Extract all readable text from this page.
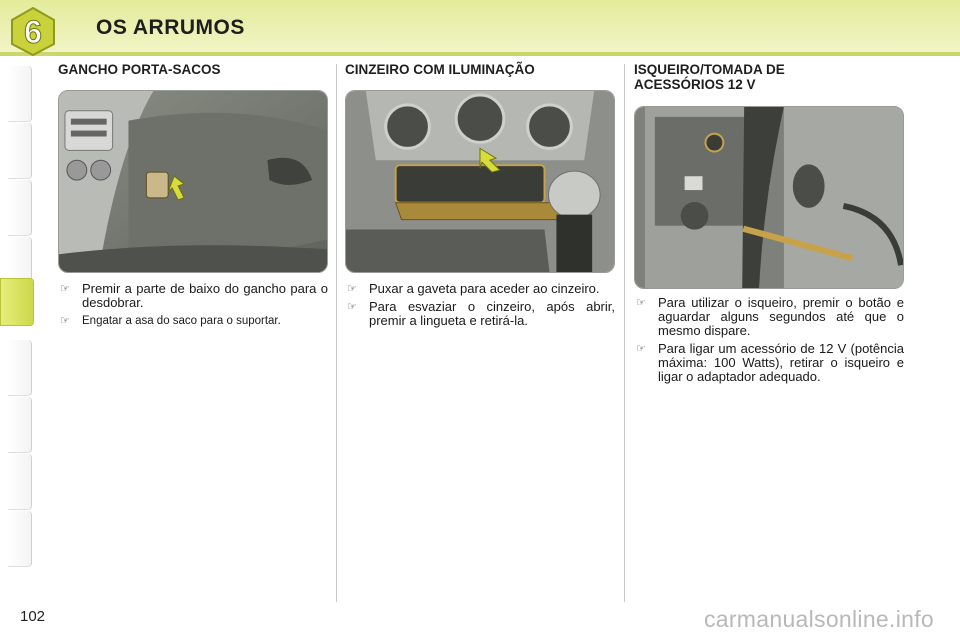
6	OS ARRUMOS
GANCHO PORTA-SACOS
☞ Premir a parte de baixo do gancho para o desdobrar.
☞ Engatar a asa do saco para o suportar.
CINZEIRO COM ILUMINAÇÃO
☞ Puxar a gaveta para aceder ao cinzeiro.
☞ Para esvaziar o cinzeiro, após abrir, premir a lingueta e retirá-la.
ISQUEIRO/TOMADA DE
ACESSÓRIOS 12 V
☞ Para utilizar o isqueiro, premir o botão e aguardar alguns segundos até que o mesmo dispare.
☞ Para ligar um acessório de 12 V (potência máxima: 100 Watts), retirar o isqueiro e ligar o adaptador adequado.
102	carmanualsonline.info
